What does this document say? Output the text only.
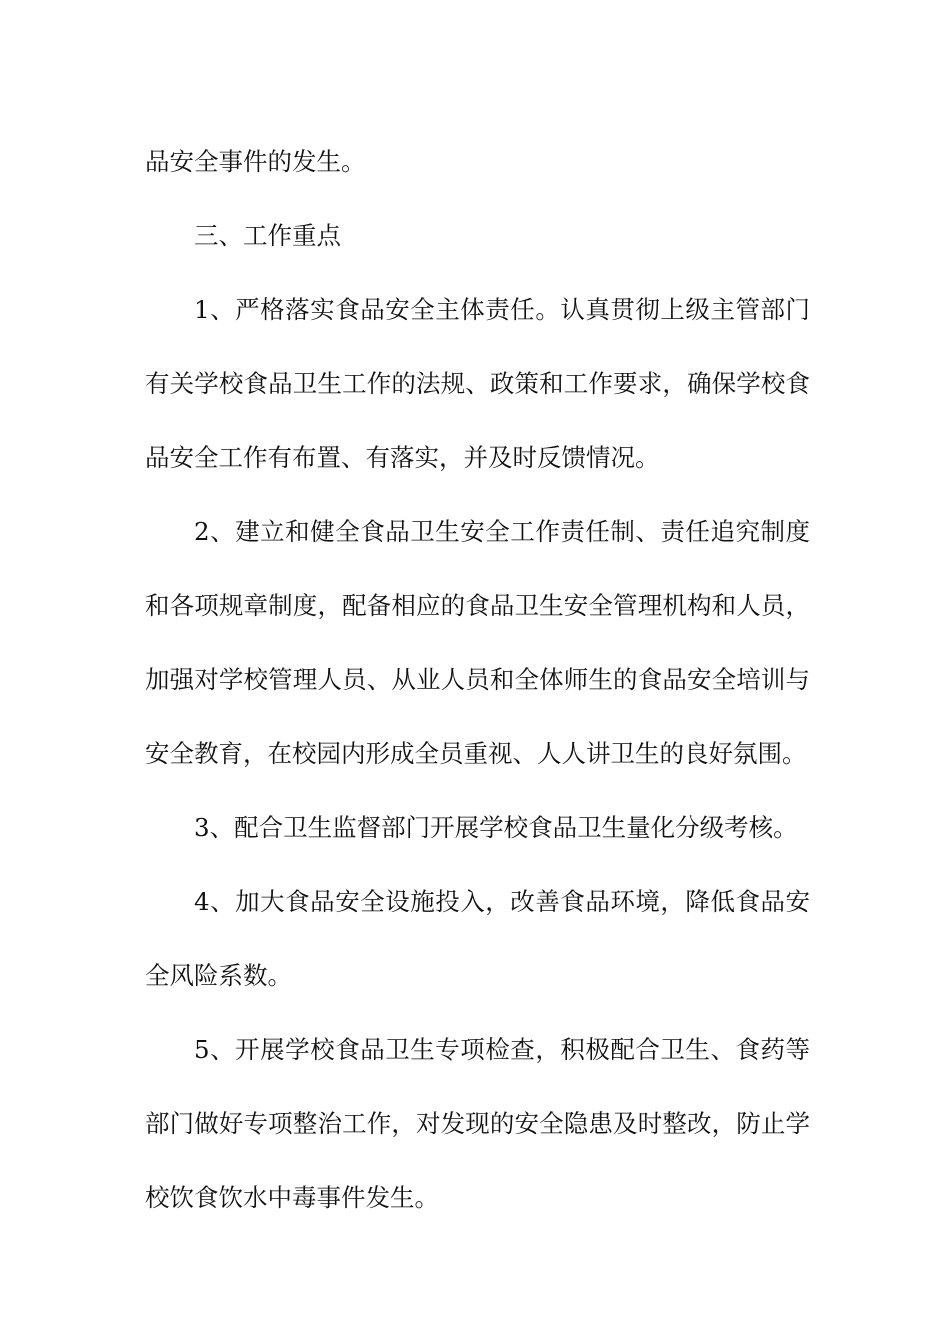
品安全事件的发生。

三、工作重点

1、严格落实食品安全主体责任。认真贯彻上级主管部门有关学校食品卫生工作的法规、政策和工作要求，确保学校食品安全工作有布置、有落实，并及时反馈情况。

2、建立和健全食品卫生安全工作责任制、责任追究制度和各项规章制度，配备相应的食品卫生安全管理机构和人员，加强对学校管理人员、从业人员和全体师生的食品安全培训与安全教育，在校园内形成全员重视、人人讲卫生的良好氛围。

3、配合卫生监督部门开展学校食品卫生量化分级考核。

4、加大食品安全设施投入，改善食品环境，降低食品安全风险系数。

5、开展学校食品卫生专项检查，积极配合卫生、食药等部门做好专项整治工作，对发现的安全隐患及时整改，防止学校饮食饮水中毒事件发生。
